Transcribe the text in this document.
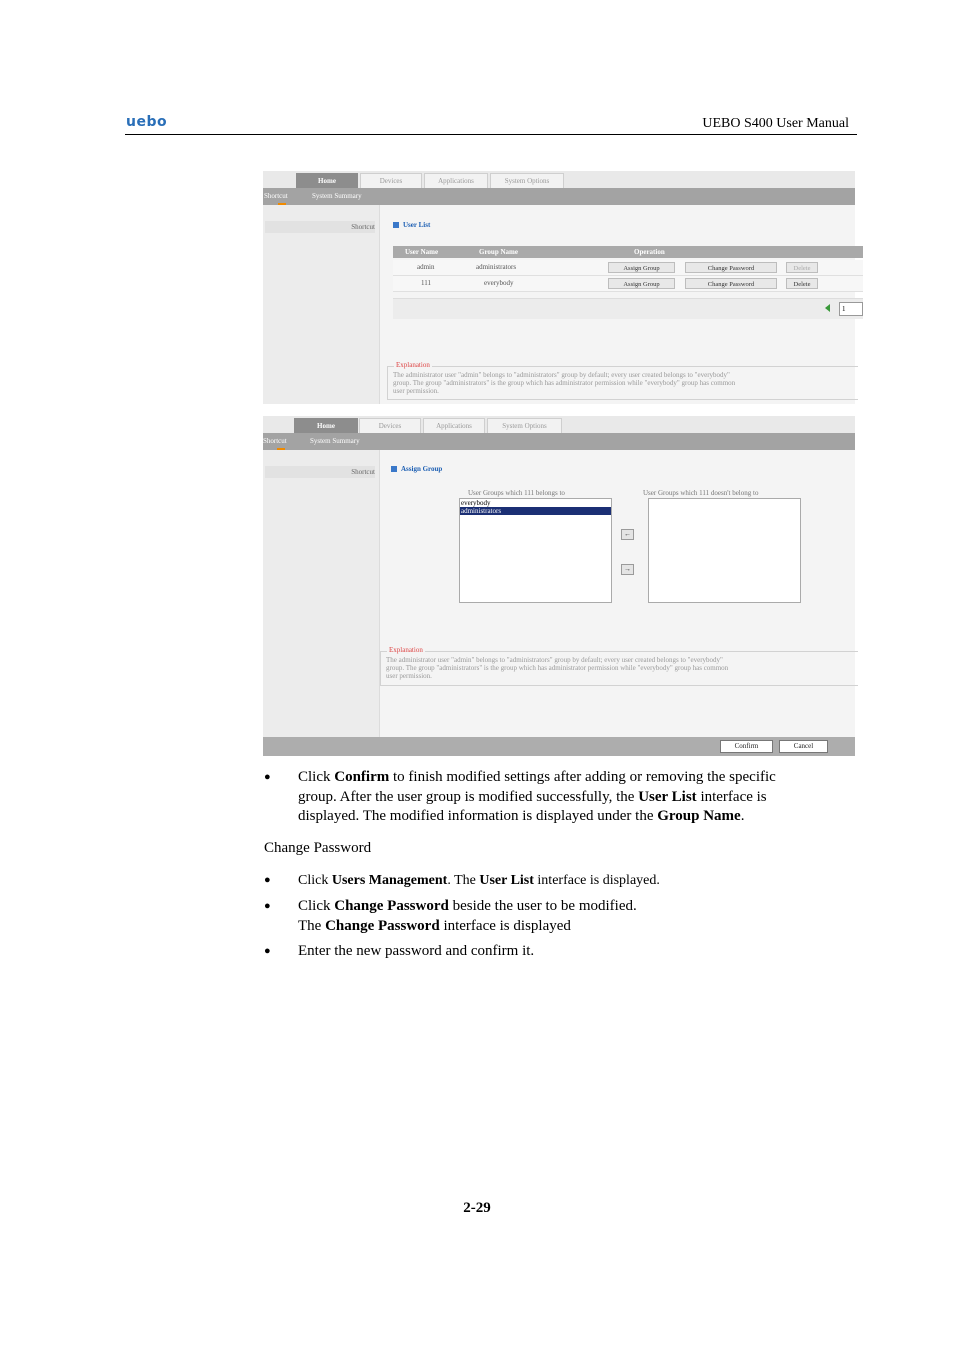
uebo	UEBO S400 User Manual
Home	Devices	Applications	System Options
Shortcut	System Summary
Shortcut	User List
User Name	Group Name	Operation
admin	administrators	Assign Group	Change Password	Delete
111	everybody	Assign Group	Change Password	Delete
1
Explanation
The administrator user "admin" belongs to "administrators" group by default; every user created belongs to "everybody"
group. The group "administrators" is the group which has administrator permission while "everybody" group has common
user permission.
Home	Devices	Applications	System Options
Shortcut	System Summary
Shortcut	Assign Group
User Groups which 111 belongs to	User Groups which 111 doesn't belong to
everybody
administrators
←
→
Explanation
The administrator user "admin" belongs to "administrators" group by default; every user created belongs to "everybody"
group. The group "administrators" is the group which has administrator permission while "everybody" group has common
user permission.
Confirm	Cancel
● Click Confirm to finish modified settings after adding or removing the specific
group. After the user group is modified successfully, the User List interface is
displayed. The modified information is displayed under the Group Name.
Change Password
● Click Users Management. The User List interface is displayed.
● Click Change Password beside the user to be modified.
The Change Password interface is displayed
● Enter the new password and confirm it.
2-29
